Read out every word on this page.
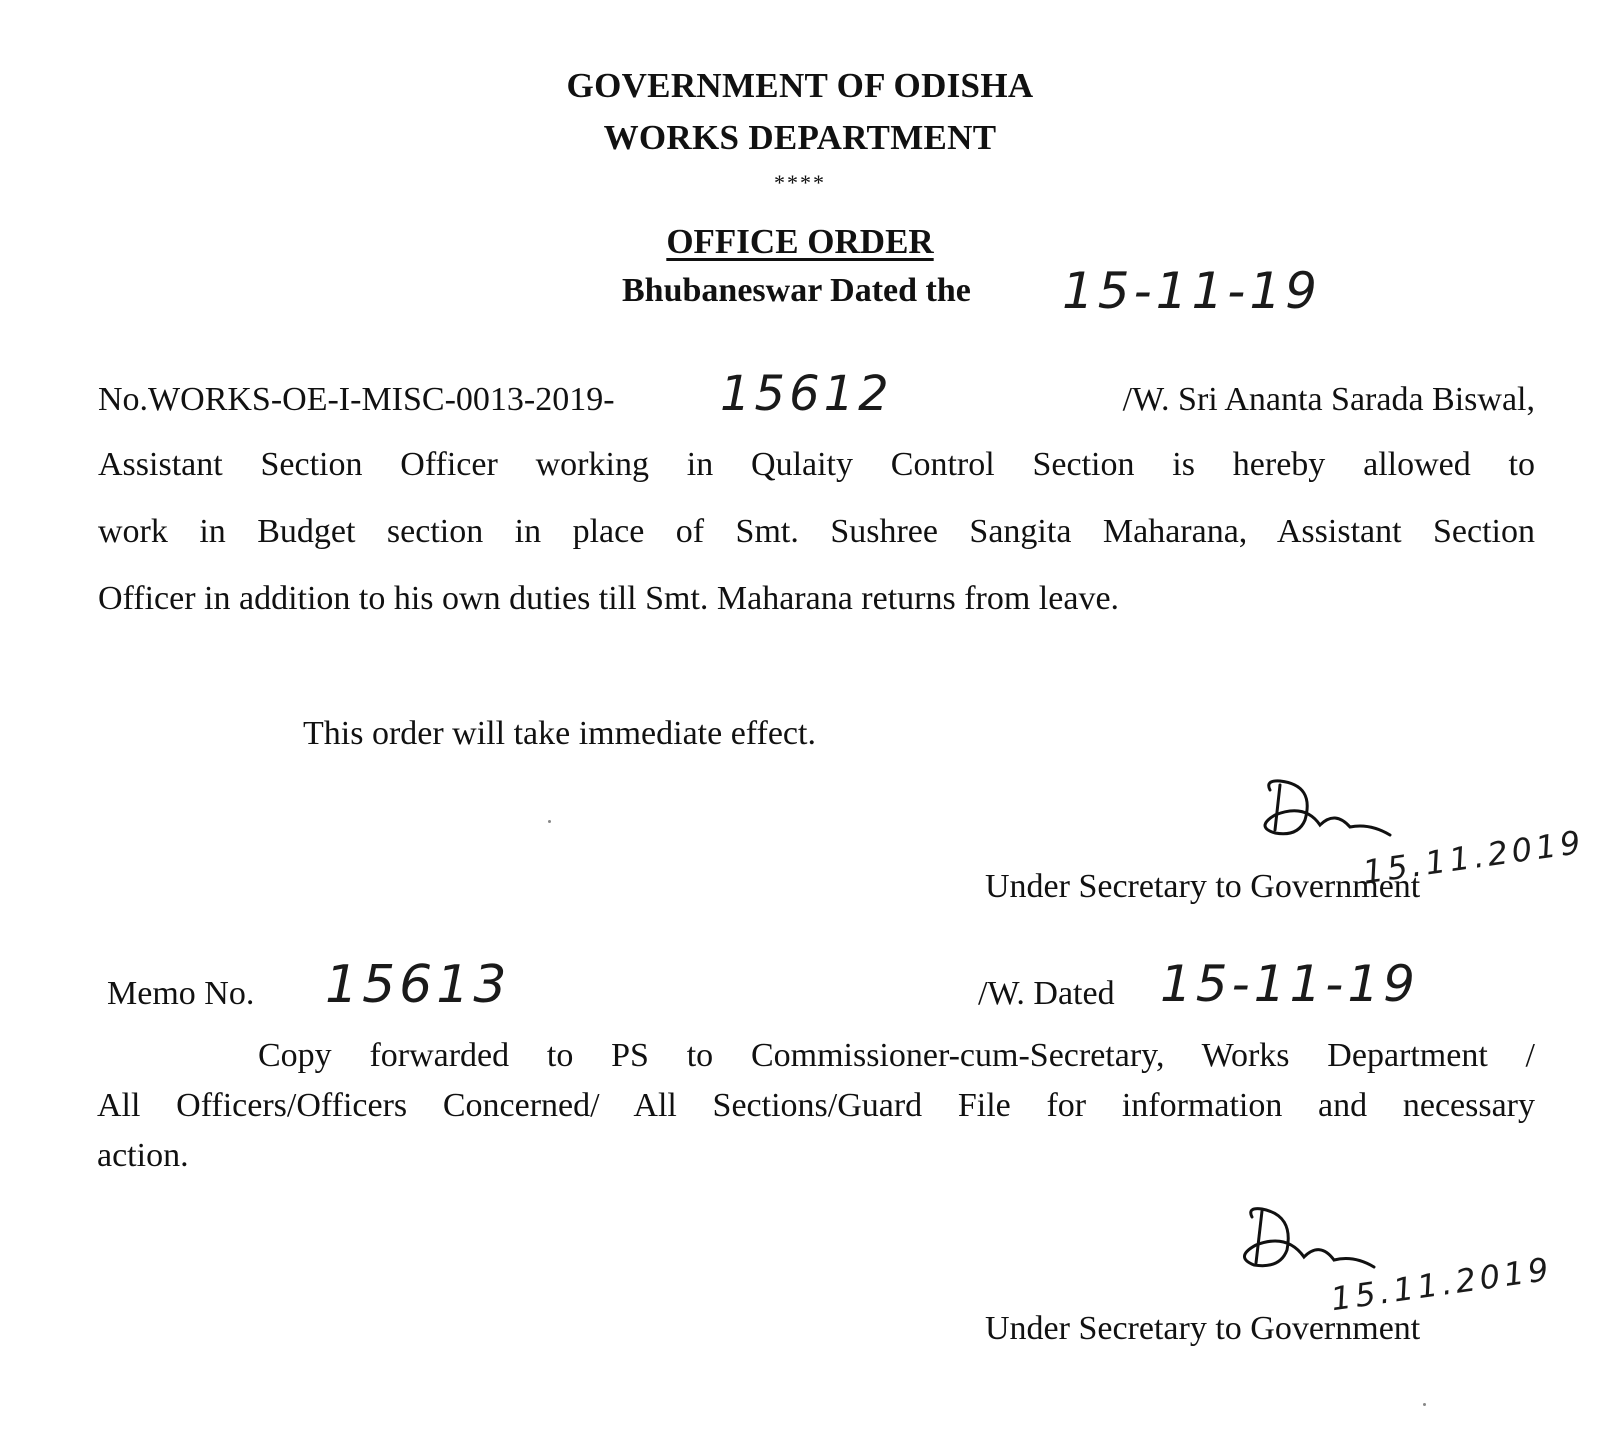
GOVERNMENT OF ODISHA
WORKS DEPARTMENT
****
OFFICE ORDER
Bhubaneswar Dated the 15-11-19
No.WORKS-OE-I-MISC-0013-2019- 15612	/W. Sri Ananta Sarada Biswal,
Assistant Section Officer working in Qulaity Control Section is hereby allowed to
work in Budget section in place of Smt. Sushree Sangita Maharana, Assistant Section
Officer in addition to his own duties till Smt. Maharana returns from leave.
This order will take immediate effect.
15.11.2019
Under Secretary to Government
Memo No. 15613	/W. Dated 15-11-19
Copy forwarded to PS to Commissioner-cum-Secretary, Works Department /
All Officers/Officers Concerned/ All Sections/Guard File for information and necessary
action.
15.11.2019
Under Secretary to Government
